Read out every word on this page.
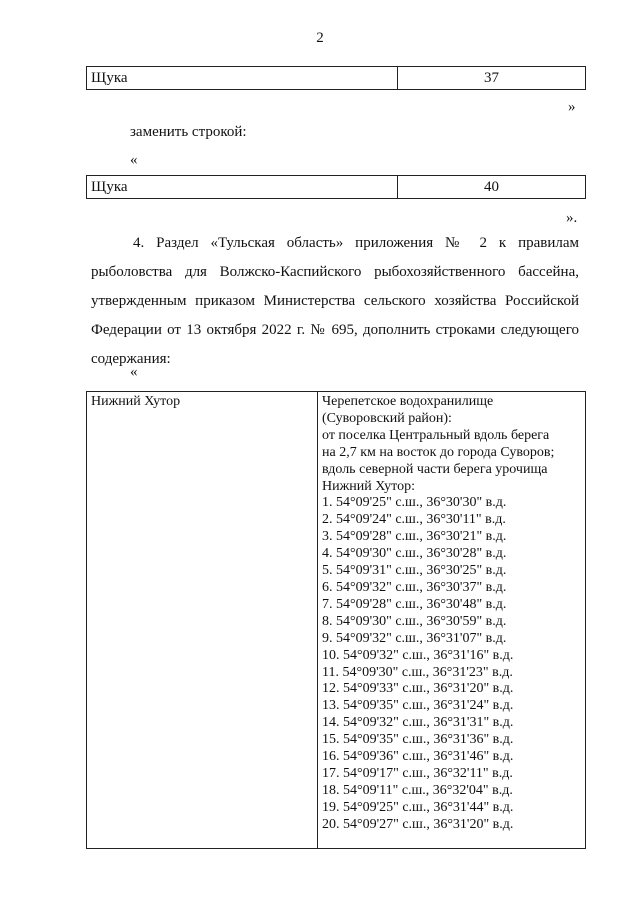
2
Щука	37
»
заменить строкой:
«
Щука	40
».
4. Раздел «Тульская область» приложения № 2 к правилам рыболовства для Волжско-Каспийского рыбохозяйственного бассейна, утвержденным приказом Министерства сельского хозяйства Российской Федерации от 13 октября 2022 г. № 695, дополнить строками следующего содержания:
«
Нижний Хутор	Черепетское водохранилище
(Суворовский район):
от поселка Центральный вдоль берега
на 2,7 км на восток до города Суворов;
вдоль северной части берега урочища
Нижний Хутор:
1. 54°09'25" с.ш., 36°30'30" в.д.
2. 54°09'24" с.ш., 36°30'11" в.д.
3. 54°09'28" с.ш., 36°30'21" в.д.
4. 54°09'30" с.ш., 36°30'28" в.д.
5. 54°09'31" с.ш., 36°30'25" в.д.
6. 54°09'32" с.ш., 36°30'37" в.д.
7. 54°09'28" с.ш., 36°30'48" в.д.
8. 54°09'30" с.ш., 36°30'59" в.д.
9. 54°09'32" с.ш., 36°31'07" в.д.
10. 54°09'32" с.ш., 36°31'16" в.д.
11. 54°09'30" с.ш., 36°31'23" в.д.
12. 54°09'33" с.ш., 36°31'20" в.д.
13. 54°09'35" с.ш., 36°31'24" в.д.
14. 54°09'32" с.ш., 36°31'31" в.д.
15. 54°09'35" с.ш., 36°31'36" в.д.
16. 54°09'36" с.ш., 36°31'46" в.д.
17. 54°09'17" с.ш., 36°32'11" в.д.
18. 54°09'11" с.ш., 36°32'04" в.д.
19. 54°09'25" с.ш., 36°31'44" в.д.
20. 54°09'27" с.ш., 36°31'20" в.д.
